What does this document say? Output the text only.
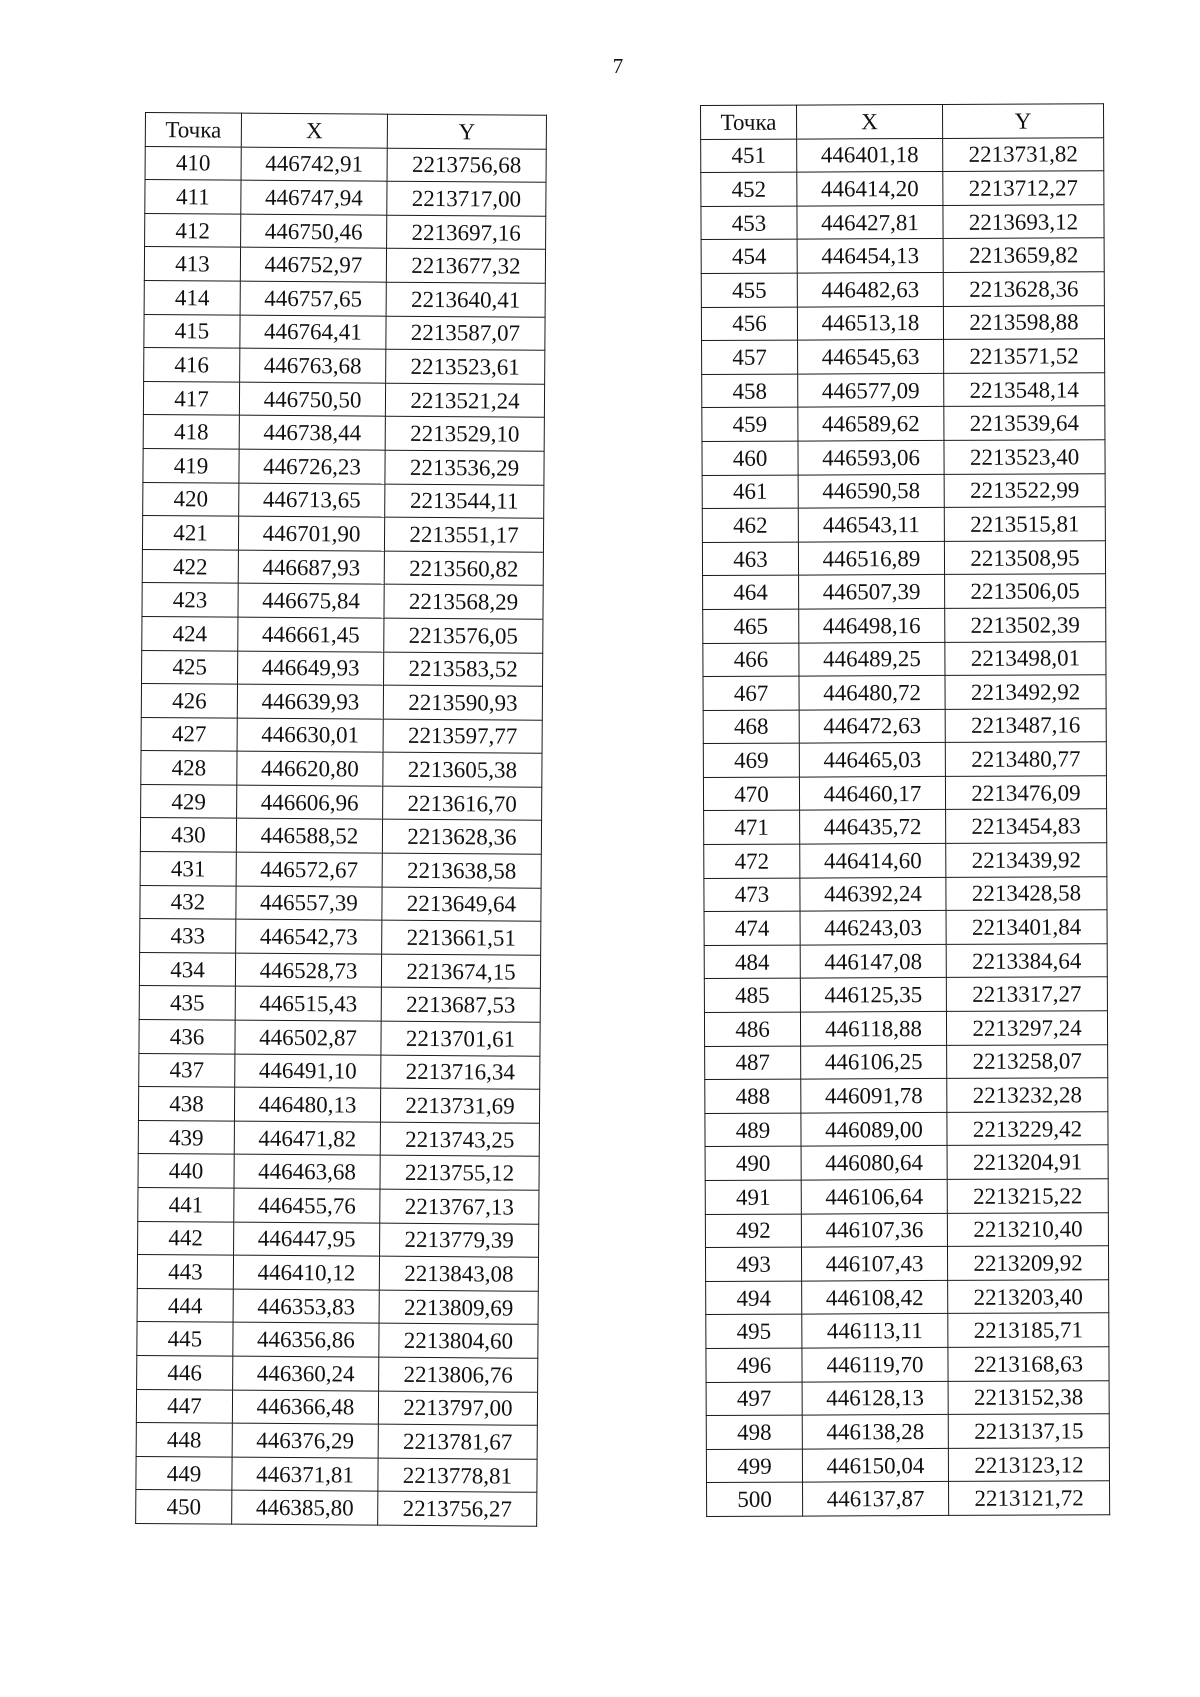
7
Точка	X	Y
410	446742,91	2213756,68
411	446747,94	2213717,00
412	446750,46	2213697,16
413	446752,97	2213677,32
414	446757,65	2213640,41
415	446764,41	2213587,07
416	446763,68	2213523,61
417	446750,50	2213521,24
418	446738,44	2213529,10
419	446726,23	2213536,29
420	446713,65	2213544,11
421	446701,90	2213551,17
422	446687,93	2213560,82
423	446675,84	2213568,29
424	446661,45	2213576,05
425	446649,93	2213583,52
426	446639,93	2213590,93
427	446630,01	2213597,77
428	446620,80	2213605,38
429	446606,96	2213616,70
430	446588,52	2213628,36
431	446572,67	2213638,58
432	446557,39	2213649,64
433	446542,73	2213661,51
434	446528,73	2213674,15
435	446515,43	2213687,53
436	446502,87	2213701,61
437	446491,10	2213716,34
438	446480,13	2213731,69
439	446471,82	2213743,25
440	446463,68	2213755,12
441	446455,76	2213767,13
442	446447,95	2213779,39
443	446410,12	2213843,08
444	446353,83	2213809,69
445	446356,86	2213804,60
446	446360,24	2213806,76
447	446366,48	2213797,00
448	446376,29	2213781,67
449	446371,81	2213778,81
450	446385,80	2213756,27
Точка	X	Y
451	446401,18	2213731,82
452	446414,20	2213712,27
453	446427,81	2213693,12
454	446454,13	2213659,82
455	446482,63	2213628,36
456	446513,18	2213598,88
457	446545,63	2213571,52
458	446577,09	2213548,14
459	446589,62	2213539,64
460	446593,06	2213523,40
461	446590,58	2213522,99
462	446543,11	2213515,81
463	446516,89	2213508,95
464	446507,39	2213506,05
465	446498,16	2213502,39
466	446489,25	2213498,01
467	446480,72	2213492,92
468	446472,63	2213487,16
469	446465,03	2213480,77
470	446460,17	2213476,09
471	446435,72	2213454,83
472	446414,60	2213439,92
473	446392,24	2213428,58
474	446243,03	2213401,84
484	446147,08	2213384,64
485	446125,35	2213317,27
486	446118,88	2213297,24
487	446106,25	2213258,07
488	446091,78	2213232,28
489	446089,00	2213229,42
490	446080,64	2213204,91
491	446106,64	2213215,22
492	446107,36	2213210,40
493	446107,43	2213209,92
494	446108,42	2213203,40
495	446113,11	2213185,71
496	446119,70	2213168,63
497	446128,13	2213152,38
498	446138,28	2213137,15
499	446150,04	2213123,12
500	446137,87	2213121,72
